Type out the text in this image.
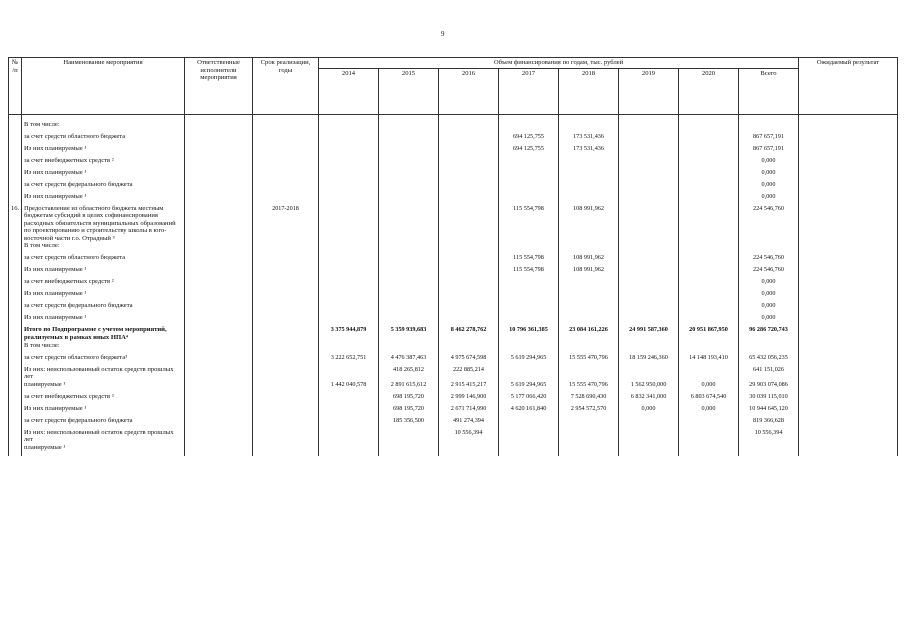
9
№
/п	Наименование мероприятия	Ответственные исполнители мероприятия	Срок реализации, годы	Объем финансирования по годам, тыс. рублей								Ожидаемый результат
				2014	2015	2016	2017	2018	2019	2020	Всего	
	В том числе:											
	за счет средств областного бюджета						694 125,755	173 531,436			867 657,191	
	Из них планируемые ¹						694 125,755	173 531,436			867 657,191	
	за счет внебюджетных средств ²										0,000	
	Из них планируемые ¹										0,000	
	за счет средств федерального бюджета										0,000	
	Из них планируемые ¹										0,000	
16.	Предоставление из областного бюджета местным бюджетам субсидий в целях софинансирования расходных обязательств муниципальных образований по проектированию и строительству школы в юго-восточной части г.о. Отрадный ³		2017-2018				115 554,798	108 991,962			224 546,760	
	В том числе:											
	за счет средств областного бюджета						115 554,798	108 991,962			224 546,760	
	Из них планируемые ¹						115 554,798	108 991,962			224 546,760	
	за счет внебюджетных средств ²										0,000	
	Из них планируемые ¹										0,000	
	за счет средств федерального бюджета										0,000	
	Из них планируемые ¹										0,000	
	Итого по Подпрограмме с учетом мероприятий, реализуемых в рамках иных НПА⁴			3 375 944,879	5 359 939,683	8 462 278,762	10 796 361,385	23 084 161,226	24 991 587,360	20 951 867,950	96 286 720,743	
	В том числе:											
	за счет средств областного бюджета³			3 222 652,751	4 476 387,463	4 975 674,598	5 619 294,965	15 555 470,796	18 159 246,360	14 148 193,410	65 432 056,235	
	Из них: неиспользованный остаток средств прошлых лет				418 265,812	222 885,214					641 151,026	
	планируемые ¹			1 442 040,578	2 891 615,612	2 915 415,217	5 619 294,965	15 555 470,796	1 562 950,000	0,000	29 903 074,086	
	за счет внебюджетных средств ²				698 195,720	2 999 146,900	5 177 066,420	7 528 690,430	6 832 341,000	6 803 674,540	30 039 115,010	
	Из них планируемые ¹				698 195,720	2 671 714,990	4 620 161,840	2 954 572,570	0,000	0,000	10 944 645,120	
	за счет средств федерального бюджета				185 356,500	491 274,394					819 366,628	
	Из них: неиспользованный остаток средств прошлых лет					10 556,394					10 556,394	
	планируемые ¹											
